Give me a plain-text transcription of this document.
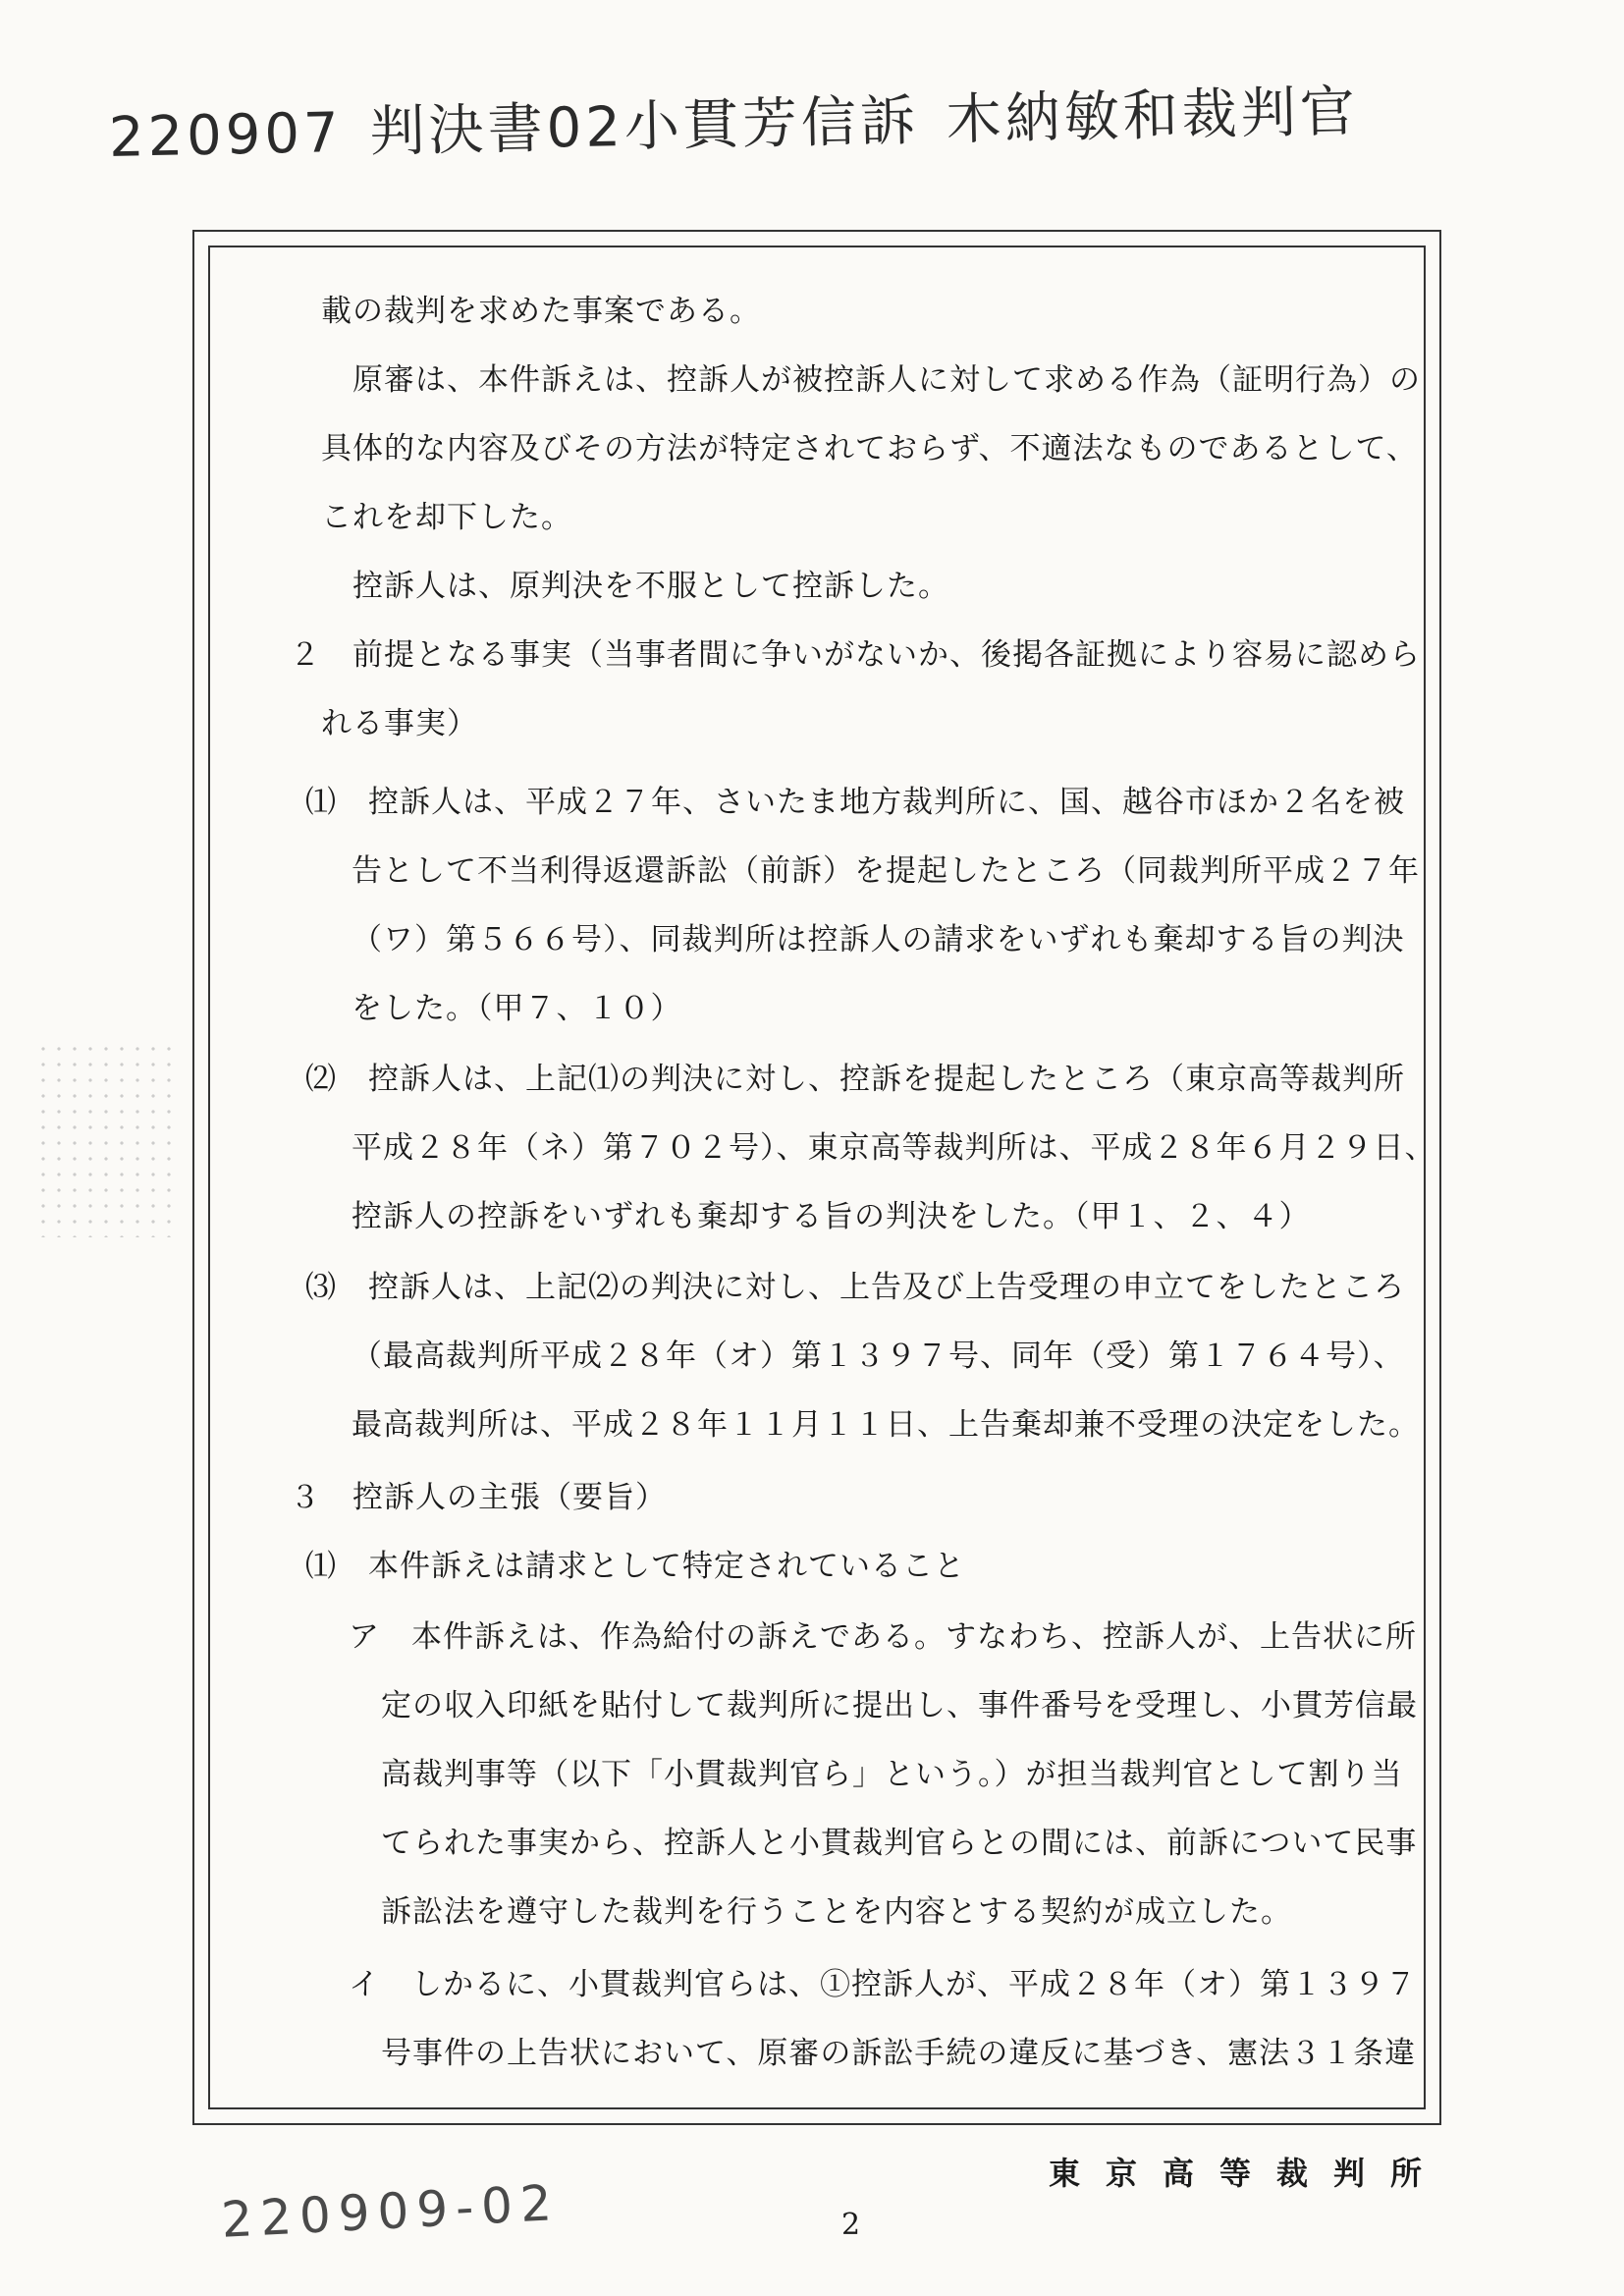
220907 判決書02小貫芳信訴 木納敏和裁判官
載の裁判を求めた事案である。
　原審は、本件訴えは、控訴人が被控訴人に対して求める作為（証明行為）の
具体的な内容及びその方法が特定されておらず、不適法なものであるとして、
これを却下した。
　控訴人は、原判決を不服として控訴した。
２　前提となる事実（当事者間に争いがないか、後掲各証拠により容易に認めら
れる事実）
⑴　控訴人は、平成２７年、さいたま地方裁判所に、国、越谷市ほか２名を被
告として不当利得返還訴訟（前訴）を提起したところ（同裁判所平成２７年
（ワ）第５６６号）、同裁判所は控訴人の請求をいずれも棄却する旨の判決
をした。（甲７、１０）
⑵　控訴人は、上記⑴の判決に対し、控訴を提起したところ（東京高等裁判所
平成２８年（ネ）第７０２号）、東京高等裁判所は、平成２８年６月２９日、
控訴人の控訴をいずれも棄却する旨の判決をした。（甲１、２、４）
⑶　控訴人は、上記⑵の判決に対し、上告及び上告受理の申立てをしたところ
（最高裁判所平成２８年（オ）第１３９７号、同年（受）第１７６４号）、
最高裁判所は、平成２８年１１月１１日、上告棄却兼不受理の決定をした。
３　控訴人の主張（要旨）
⑴　本件訴えは請求として特定されていること
ア　本件訴えは、作為給付の訴えである。すなわち、控訴人が、上告状に所
定の収入印紙を貼付して裁判所に提出し、事件番号を受理し、小貫芳信最
高裁判事等（以下「小貫裁判官ら」という。）が担当裁判官として割り当
てられた事実から、控訴人と小貫裁判官らとの間には、前訴について民事
訴訟法を遵守した裁判を行うことを内容とする契約が成立した。
イ　しかるに、小貫裁判官らは、①控訴人が、平成２８年（オ）第１３９７
号事件の上告状において、原審の訴訟手続の違反に基づき、憲法３１条違
東京高等裁判所
220909-02	2
